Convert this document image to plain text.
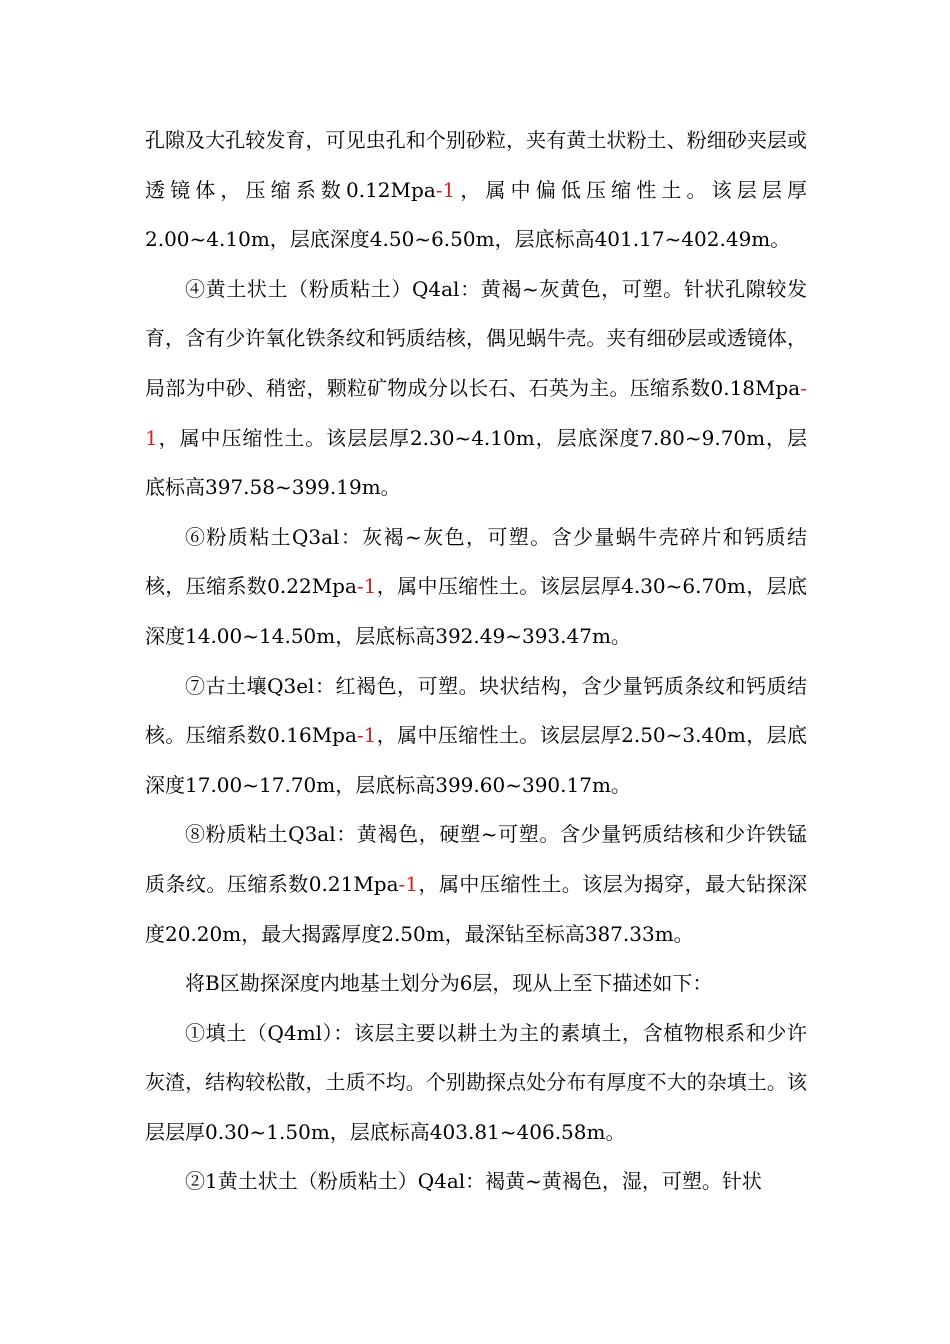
孔隙及大孔较发育，可见虫孔和个别砂粒，夹有黄土状粉土、粉细砂夹层或透镜体，压缩系数0.12Mpa-1，属中偏低压缩性土。该层层厚2.00~4.10m，层底深度4.50~6.50m，层底标高401.17~402.49m。

④黄土状土（粉质粘土）Q4al：黄褐~灰黄色，可塑。针状孔隙较发育，含有少许氧化铁条纹和钙质结核，偶见蜗牛壳。夹有细砂层或透镜体，局部为中砂、稍密，颗粒矿物成分以长石、石英为主。压缩系数0.18Mpa-1，属中压缩性土。该层层厚2.30~4.10m，层底深度7.80~9.70m，层底标高397.58~399.19m。

⑥粉质粘土Q3al：灰褐~灰色，可塑。含少量蜗牛壳碎片和钙质结核，压缩系数0.22Mpa-1，属中压缩性土。该层层厚4.30~6.70m，层底深度14.00~14.50m，层底标高392.49~393.47m。

⑦古土壤Q3el：红褐色，可塑。块状结构，含少量钙质条纹和钙质结核。压缩系数0.16Mpa-1，属中压缩性土。该层层厚2.50~3.40m，层底深度17.00~17.70m，层底标高399.60~390.17m。

⑧粉质粘土Q3al：黄褐色，硬塑~可塑。含少量钙质结核和少许铁锰质条纹。压缩系数0.21Mpa-1，属中压缩性土。该层为揭穿，最大钻探深度20.20m，最大揭露厚度2.50m，最深钻至标高387.33m。

将B区勘探深度内地基土划分为6层，现从上至下描述如下：

①填土（Q4ml）：该层主要以耕土为主的素填土，含植物根系和少许灰渣，结构较松散，土质不均。个别勘探点处分布有厚度不大的杂填土。该层层厚0.30~1.50m，层底标高403.81~406.58m。

②1黄土状土（粉质粘土）Q4al：褐黄~黄褐色，湿，可塑。针状
